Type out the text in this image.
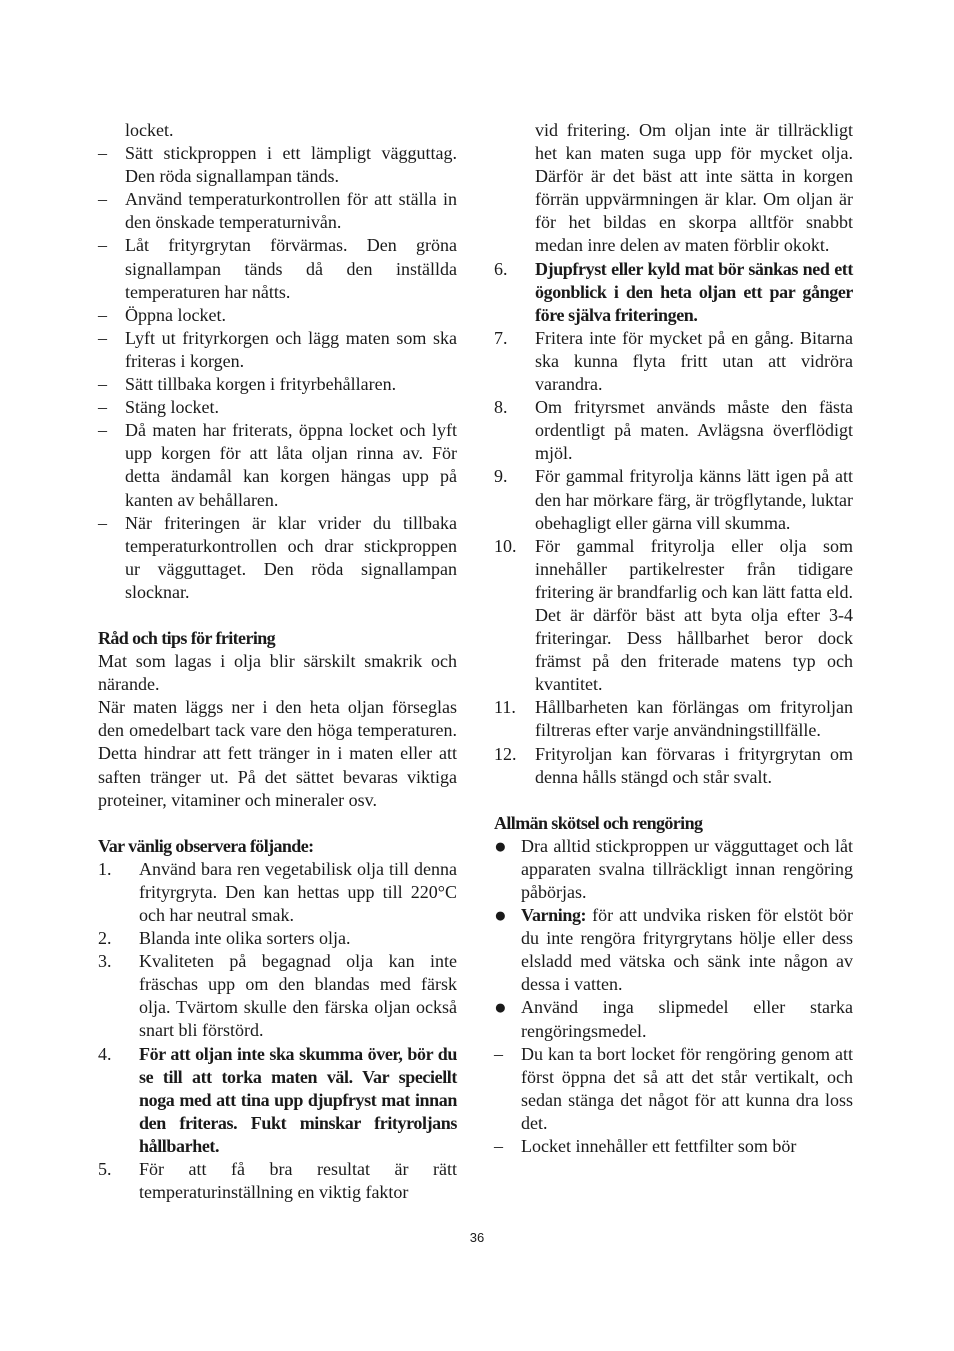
locket.
– Sätt stickproppen i ett lämpligt vägguttag. Den röda signallampan tänds.
– Använd temperaturkontrollen för att ställa in den önskade temperaturnivån.
– Låt frityrgrytan förvärmas. Den gröna signallampan tänds då den inställda temperaturen har nåtts.
– Öppna locket.
– Lyft ut frityrkorgen och lägg maten som ska friteras i korgen.
– Sätt tillbaka korgen i frityrbehållaren.
– Stäng locket.
– Då maten har friterats, öppna locket och lyft upp korgen för att låta oljan rinna av. För detta ändamål kan korgen hängas upp på kanten av behållaren.
– När friteringen är klar vrider du tillbaka temperaturkontrollen och drar stickproppen ur vägguttaget. Den röda signallampan slocknar.

Råd och tips för fritering

Mat som lagas i olja blir särskilt smakrik och närande.

När maten läggs ner i den heta oljan förseglas den omedelbart tack vare den höga temperaturen. Detta hindrar att fett tränger in i maten eller att saften tränger ut. På det sättet bevaras viktiga proteiner, vitaminer och mineraler osv.

Var vänlig observera följande:

1. Använd bara ren vegetabilisk olja till denna frityrgryta. Den kan hettas upp till 220°C och har neutral smak.
2. Blanda inte olika sorters olja.
3. Kvaliteten på begagnad olja kan inte fräschas upp om den blandas med färsk olja. Tvärtom skulle den färska oljan också snart bli förstörd.
4. För att oljan inte ska skumma över, bör du se till att torka maten väl. Var speciellt noga med att tina upp djupfryst mat innan den friteras. Fukt minskar frityroljans hållbarhet.
5. För att få bra resultat är rätt temperaturinställning en viktig faktor
vid fritering. Om oljan inte är tillräckligt het kan maten suga upp för mycket olja. Därför är det bäst att inte sätta in korgen förrän uppvärmningen är klar. Om oljan är för het bildas en skorpa alltför snabbt medan inre delen av maten förblir okokt.
6. Djupfryst eller kyld mat bör sänkas ned ett ögonblick i den heta oljan ett par gånger före själva friteringen.
7. Fritera inte för mycket på en gång. Bitarna ska kunna flyta fritt utan att vidröra varandra.
8. Om frityrsmet används måste den fästa ordentligt på maten. Avlägsna överflödigt mjöl.
9. För gammal frityrolja känns lätt igen på att den har mörkare färg, är trögflytande, luktar obehagligt eller gärna vill skumma.
10. För gammal frityrolja eller olja som innehåller partikelrester från tidigare fritering är brandfarlig och kan lätt fatta eld. Det är därför bäst att byta olja efter 3-4 friteringar. Dess hållbarhet beror dock främst på den friterade matens typ och kvantitet.
11. Hållbarheten kan förlängas om frityroljan filtreras efter varje användningstillfälle.
12. Frityroljan kan förvaras i frityrgrytan om denna hålls stängd och står svalt.

Allmän skötsel och rengöring

● Dra alltid stickproppen ur vägguttaget och låt apparaten svalna tillräckligt innan rengöring påbörjas.
● Varning: för att undvika risken för elstöt bör du inte rengöra frityrgrytans hölje eller dess elsladd med vätska och sänk inte någon av dessa i vatten.
● Använd inga slipmedel eller starka rengöringsmedel.
– Du kan ta bort locket för rengöring genom att först öppna det så att det står vertikalt, och sedan stänga det något för att kunna dra loss det.
– Locket innehåller ett fettfilter som bör
36
